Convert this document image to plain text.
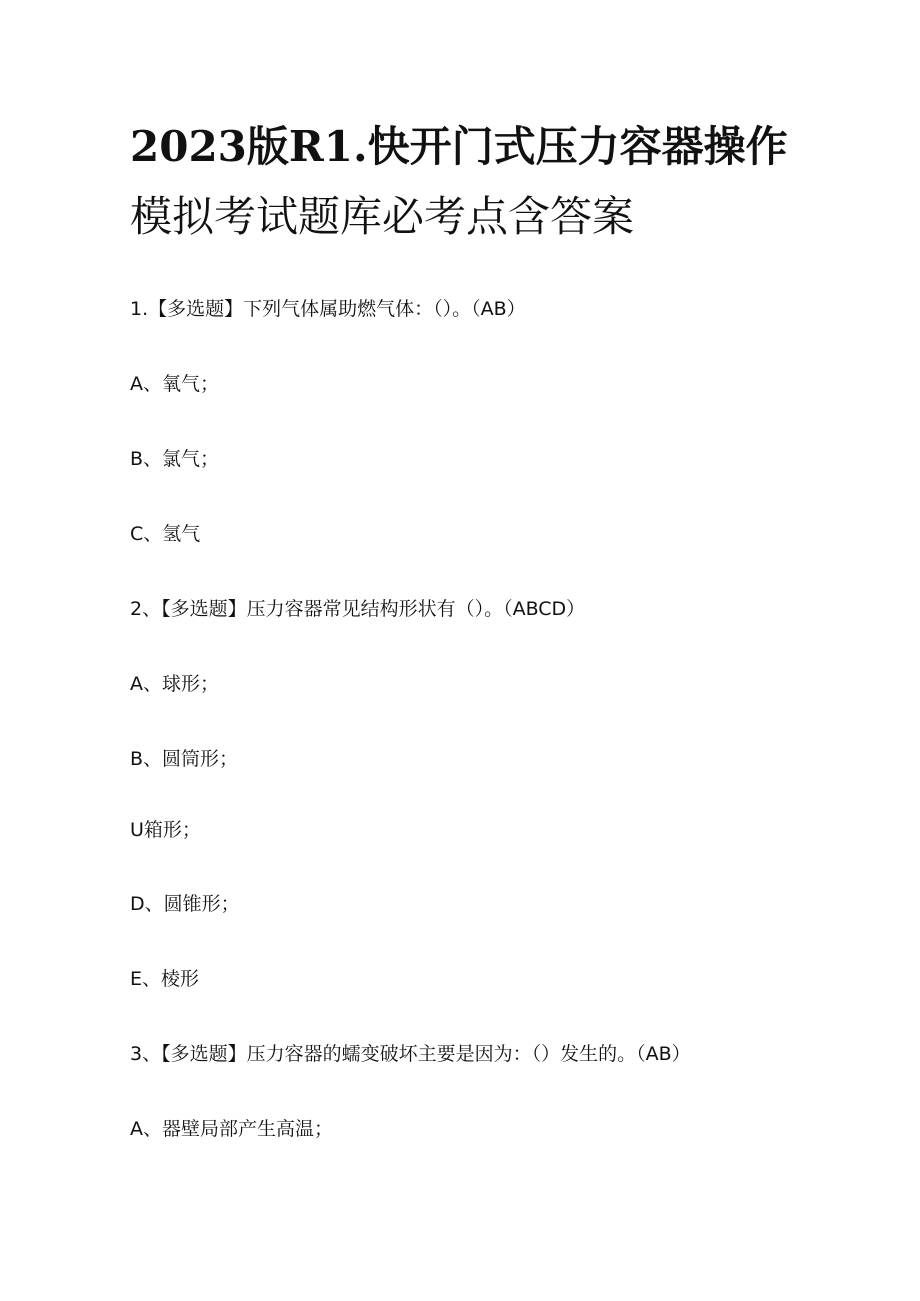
2023版R1.快开门式压力容器操作
模拟考试题库必考点含答案

1.【多选题】下列气体属助燃气体：（）。（AB）

A、氧气；

B、氯气；

C、氢气

2、【多选题】压力容器常见结构形状有（）。（ABCD）

A、球形；

B、圆筒形；

U箱形；

D、圆锥形；

E、棱形

3、【多选题】压力容器的蠕变破坏主要是因为：（）发生的。（AB）

A、器壁局部产生高温；
